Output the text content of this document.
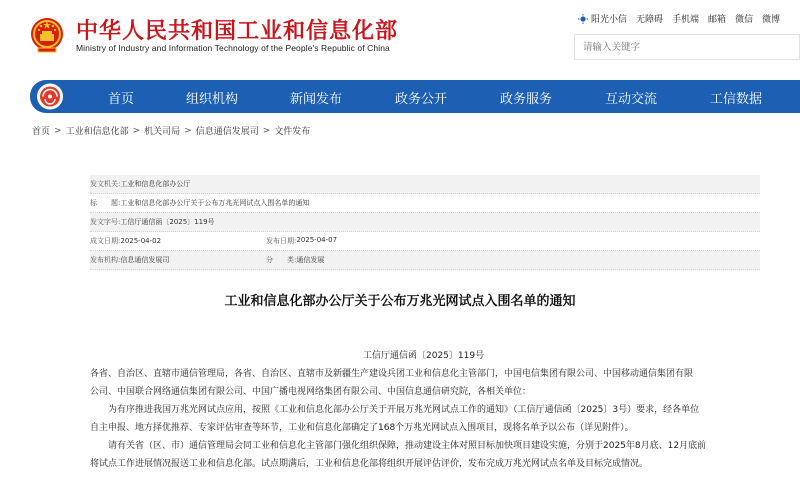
中华人民共和国工业和信息化部
Ministry of Industry and Information Technology of the People's Republic of China
阳光小信 无障碍 手机端 邮箱 微信 微博
请输入关键字
首页	组织机构	新闻发布	政务公开	政务服务	互动交流	工信数据
首页 > 工业和信息化部 > 机关司局 > 信息通信发展司 > 文件发布
发文机关: 工业和信息化部办公厅
标　　题: 工业和信息化部办公厅关于公布万兆光网试点入围名单的通知
发文字号: 工信厅通信函〔2025〕119号
成文日期: 2025-04-02	发布日期: 2025-04-07
发布机构: 信息通信发展司	分　　类: 通信发展
工业和信息化部办公厅关于公布万兆光网试点入围名单的通知
工信厅通信函〔2025〕119号
各省、自治区、直辖市通信管理局，各省、自治区、直辖市及新疆生产建设兵团工业和信息化主管部门，中国电信集团有限公司、中国移动通信集团有限
公司、中国联合网络通信集团有限公司、中国广播电视网络集团有限公司、中国信息通信研究院，各相关单位：
为有序推进我国万兆光网试点应用，按照《工业和信息化部办公厅关于开展万兆光网试点工作的通知》（工信厅通信函〔2025〕3号）要求，经各单位
自主申报、地方择优推荐、专家评估审查等环节，工业和信息化部确定了168个万兆光网试点入围项目，现将名单予以公布（详见附件）。
请有关省（区、市）通信管理局会同工业和信息化主管部门强化组织保障，推动建设主体对照目标加快项目建设实施，分别于2025年8月底、12月底前
将试点工作进展情况报送工业和信息化部。试点期满后，工业和信息化部将组织开展评估评价，发布完成万兆光网试点名单及目标完成情况。
